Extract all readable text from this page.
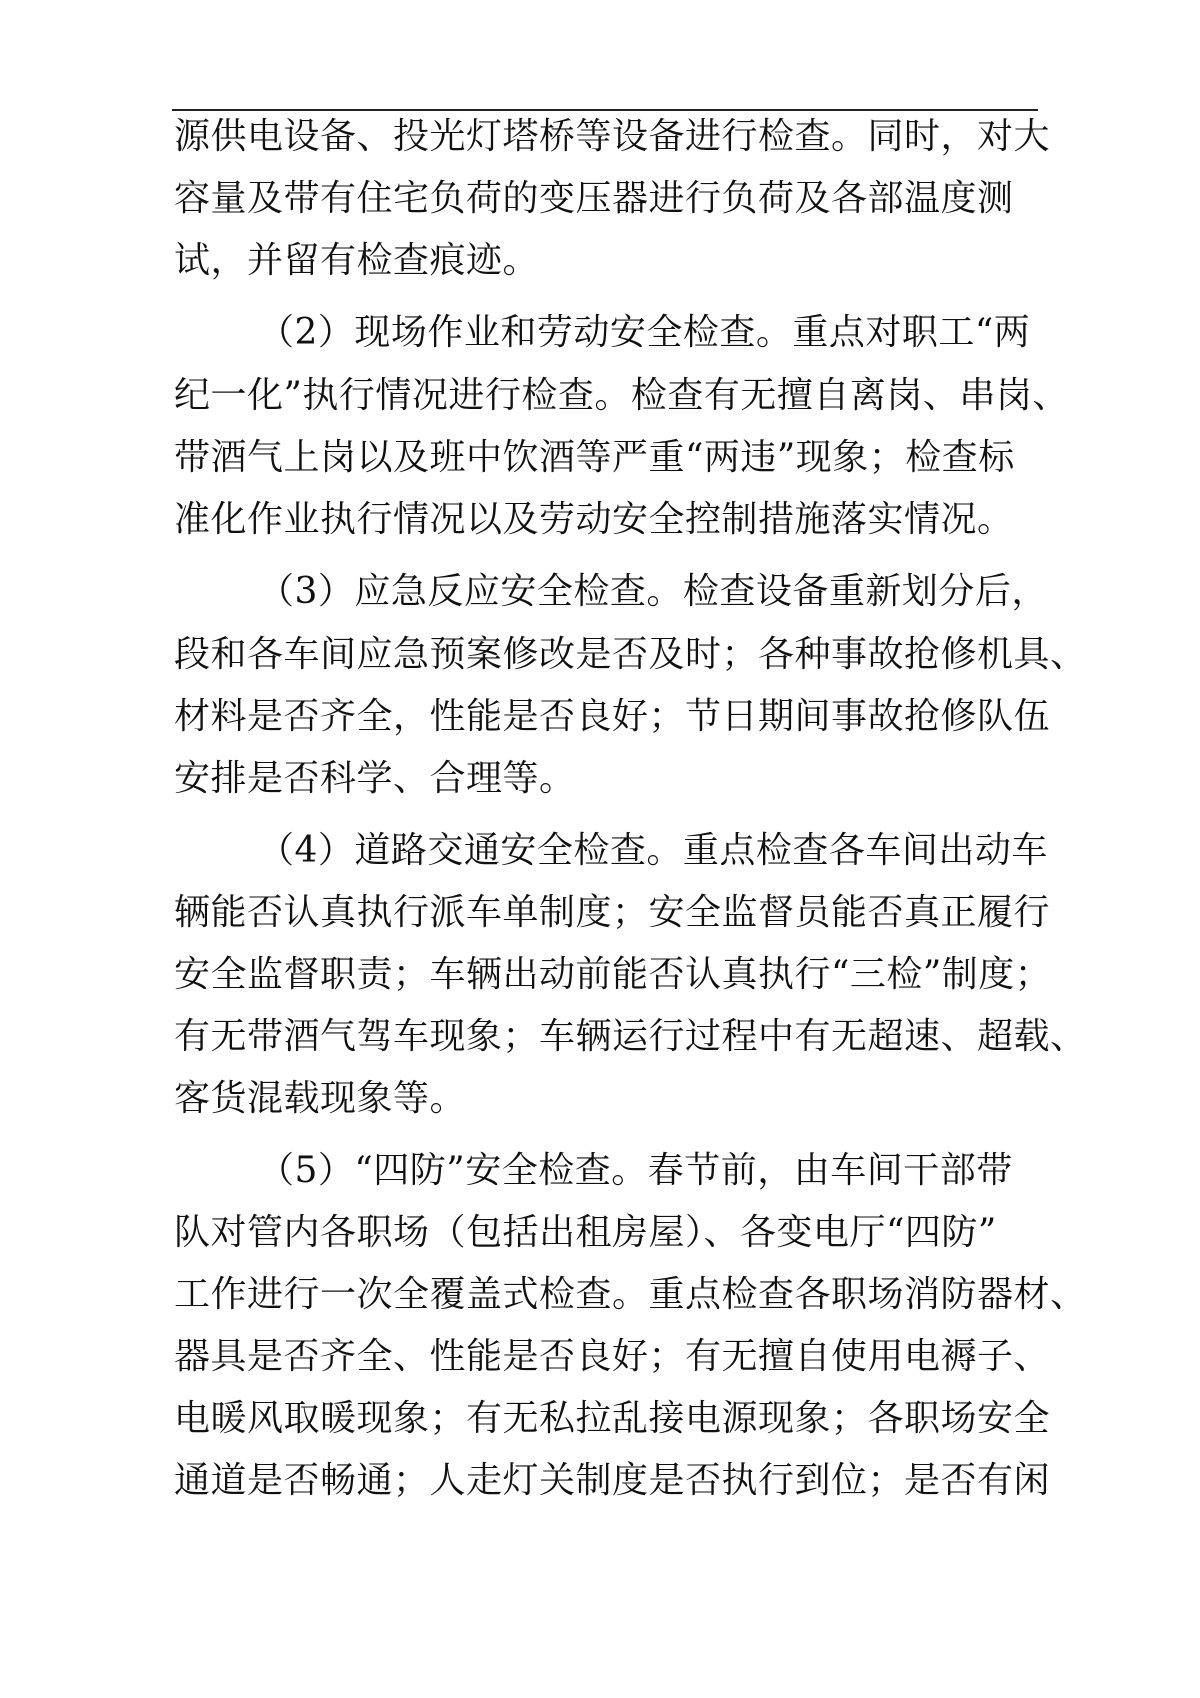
源供电设备、投光灯塔桥等设备进行检查。同时，对大
容量及带有住宅负荷的变压器进行负荷及各部温度测
试，并留有检查痕迹。
（2）现场作业和劳动安全检查。重点对职工“两
纪一化”执行情况进行检查。检查有无擅自离岗、串岗、
带酒气上岗以及班中饮酒等严重“两违”现象；检查标
准化作业执行情况以及劳动安全控制措施落实情况。
（3）应急反应安全检查。检查设备重新划分后，
段和各车间应急预案修改是否及时；各种事故抢修机具、
材料是否齐全，性能是否良好；节日期间事故抢修队伍
安排是否科学、合理等。
（4）道路交通安全检查。重点检查各车间出动车
辆能否认真执行派车单制度；安全监督员能否真正履行
安全监督职责；车辆出动前能否认真执行“三检”制度；
有无带酒气驾车现象；车辆运行过程中有无超速、超载、
客货混载现象等。
（5）“四防”安全检查。春节前，由车间干部带
队对管内各职场（包括出租房屋）、各变电厅“四防”
工作进行一次全覆盖式检查。重点检查各职场消防器材、
器具是否齐全、性能是否良好；有无擅自使用电褥子、
电暖风取暖现象；有无私拉乱接电源现象；各职场安全
通道是否畅通；人走灯关制度是否执行到位；是否有闲
